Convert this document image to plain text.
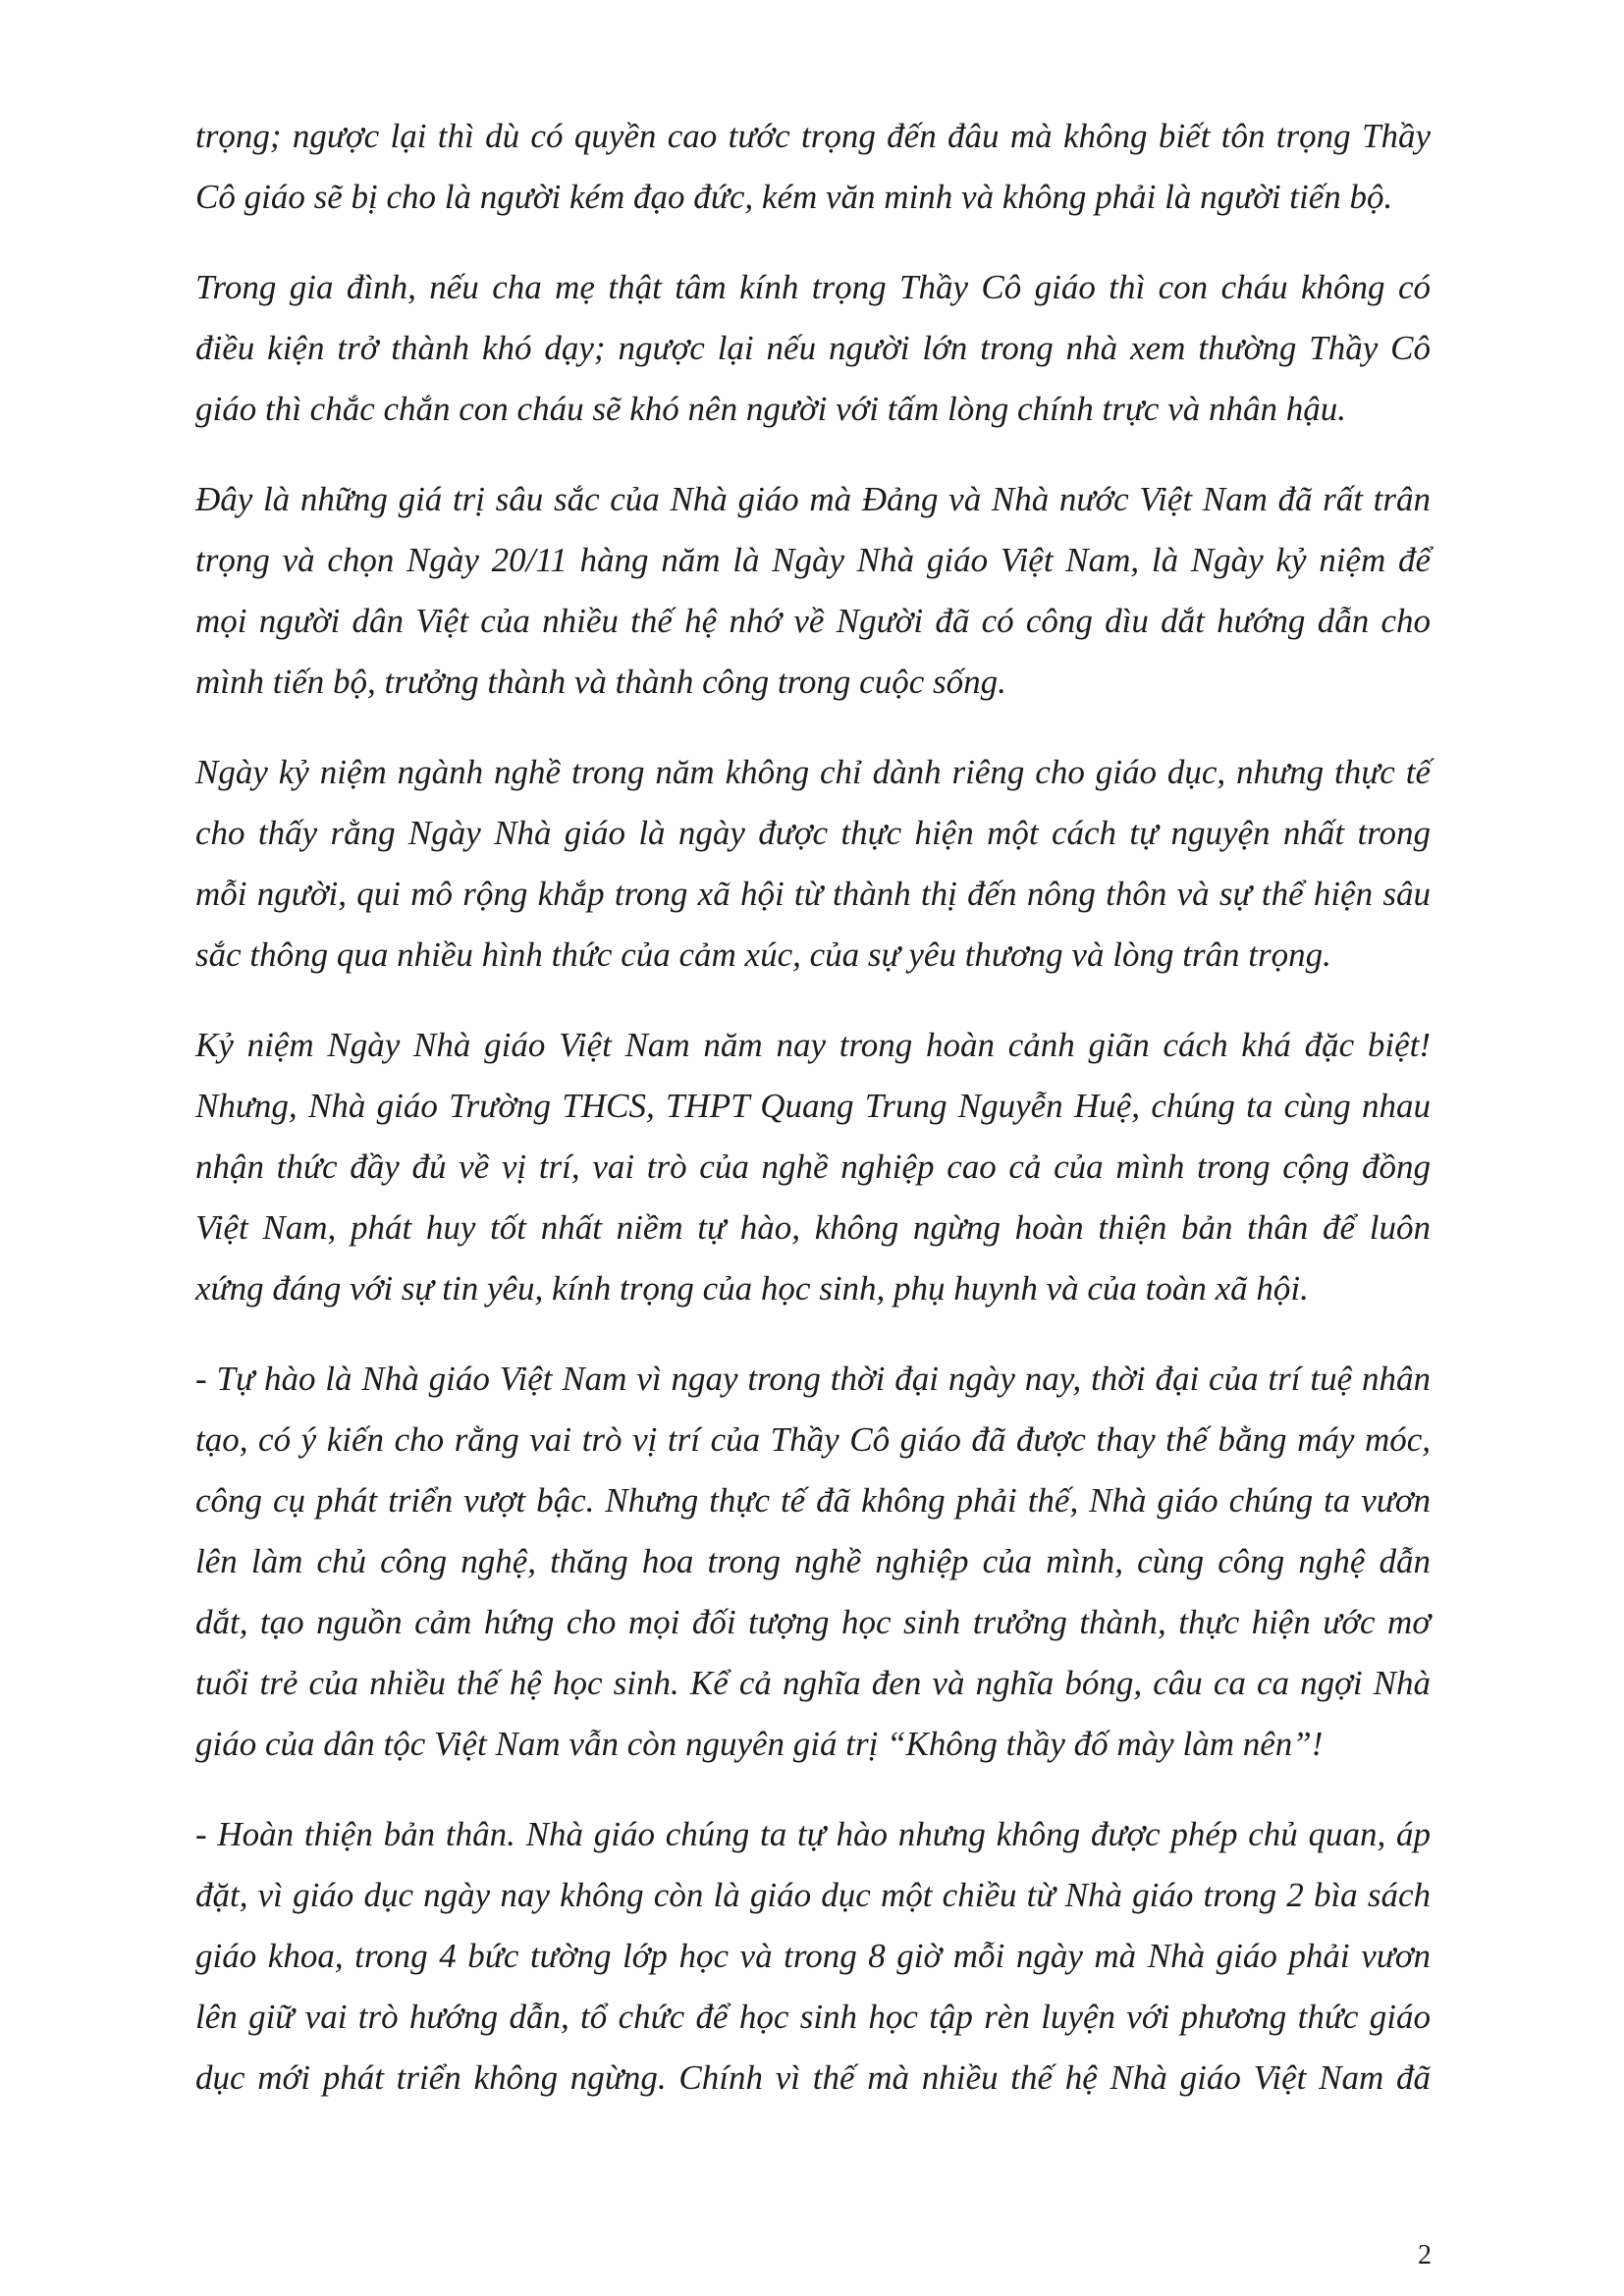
trọng; ngược lại thì dù có quyền cao tước trọng đến đâu mà không biết tôn trọng Thầy
Cô giáo sẽ bị cho là người kém đạo đức, kém văn minh và không phải là người tiến bộ.

Trong gia đình, nếu cha mẹ thật tâm kính trọng Thầy Cô giáo thì con cháu không có
điều kiện trở thành khó dạy; ngược lại nếu người lớn trong nhà xem thường Thầy Cô
giáo thì chắc chắn con cháu sẽ khó nên người với tấm lòng chính trực và nhân hậu.

Đây là những giá trị sâu sắc của Nhà giáo mà Đảng và Nhà nước Việt Nam đã rất trân
trọng và chọn Ngày 20/11 hàng năm là Ngày Nhà giáo Việt Nam, là Ngày kỷ niệm để
mọi người dân Việt của nhiều thế hệ nhớ về Người đã có công dìu dắt hướng dẫn cho
mình tiến bộ, trưởng thành và thành công trong cuộc sống.

Ngày kỷ niệm ngành nghề trong năm không chỉ dành riêng cho giáo dục, nhưng thực tế
cho thấy rằng Ngày Nhà giáo là ngày được thực hiện một cách tự nguyện nhất trong
mỗi người, qui mô rộng khắp trong xã hội từ thành thị đến nông thôn và sự thể hiện sâu
sắc thông qua nhiều hình thức của cảm xúc, của sự yêu thương và lòng trân trọng.

Kỷ niệm Ngày Nhà giáo Việt Nam năm nay trong hoàn cảnh giãn cách khá đặc biệt!
Nhưng, Nhà giáo Trường THCS, THPT Quang Trung Nguyễn Huệ, chúng ta cùng nhau
nhận thức đầy đủ về vị trí, vai trò của nghề nghiệp cao cả của mình trong cộng đồng
Việt Nam, phát huy tốt nhất niềm tự hào, không ngừng hoàn thiện bản thân để luôn
xứng đáng với sự tin yêu, kính trọng của học sinh, phụ huynh và của toàn xã hội.

- Tự hào là Nhà giáo Việt Nam vì ngay trong thời đại ngày nay, thời đại của trí tuệ nhân
tạo, có ý kiến cho rằng vai trò vị trí của Thầy Cô giáo đã được thay thế bằng máy móc,
công cụ phát triển vượt bậc. Nhưng thực tế đã không phải thế, Nhà giáo chúng ta vươn
lên làm chủ công nghệ, thăng hoa trong nghề nghiệp của mình, cùng công nghệ dẫn
dắt, tạo nguồn cảm hứng cho mọi đối tượng học sinh trưởng thành, thực hiện ước mơ
tuổi trẻ của nhiều thế hệ học sinh. Kể cả nghĩa đen và nghĩa bóng, câu ca ca ngợi Nhà
giáo của dân tộc Việt Nam vẫn còn nguyên giá trị “Không thầy đố mày làm nên”!

- Hoàn thiện bản thân. Nhà giáo chúng ta tự hào nhưng không được phép chủ quan, áp
đặt, vì giáo dục ngày nay không còn là giáo dục một chiều từ Nhà giáo trong 2 bìa sách
giáo khoa, trong 4 bức tường lớp học và trong 8 giờ mỗi ngày mà Nhà giáo phải vươn
lên giữ vai trò hướng dẫn, tổ chức để học sinh học tập rèn luyện với phương thức giáo
dục mới phát triển không ngừng. Chính vì thế mà nhiều thế hệ Nhà giáo Việt Nam đã

2
